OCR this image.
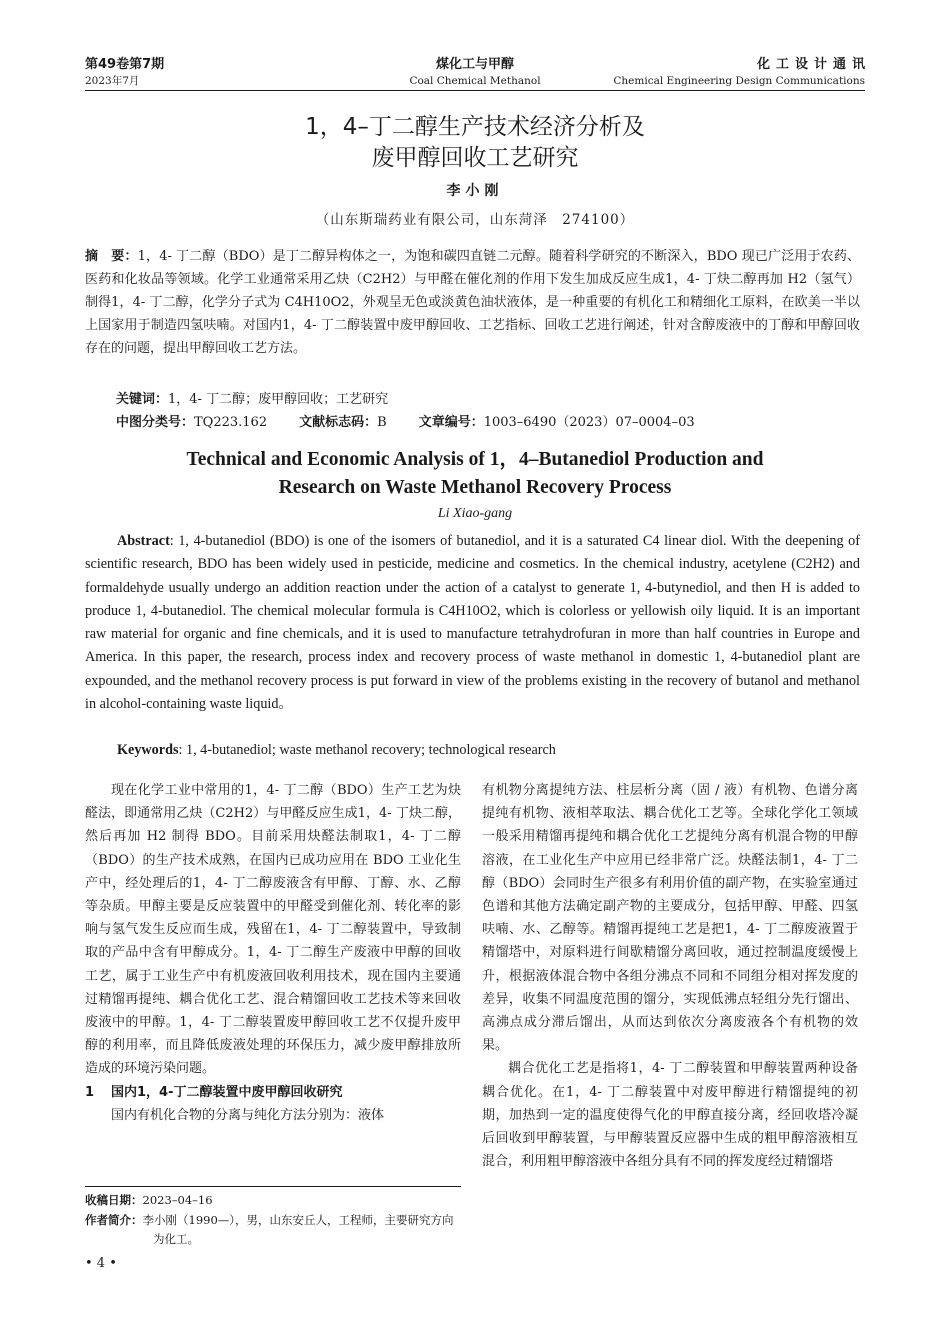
煤化工与甲醇
Coal Chemical Methanol
第49卷第7期
2023年7月
化工设计通讯
Chemical Engineering Design Communications
1，4–丁二醇生产技术经济分析及
废甲醇回收工艺研究
李小刚
（山东斯瑞药业有限公司，山东菏泽　274100）
摘　要：1，4- 丁二醇（BDO）是丁二醇异构体之一，为饱和碳四直链二元醇。随着科学研究的不断深入，BDO 现已广泛用于农药、医药和化妆品等领域。化学工业通常采用乙炔（C2H2）与甲醛在催化剂的作用下发生加成反应生成1，4- 丁炔二醇再加 H2（氢气）制得1，4- 丁二醇，化学分子式为 C4H10O2，外观呈无色或淡黄色油状液体，是一种重要的有机化工和精细化工原料，在欧美一半以上国家用于制造四氢呋喃。对国内1，4- 丁二醇装置中废甲醇回收、工艺指标、回收工艺进行阐述，针对含醇废液中的丁醇和甲醇回收存在的问题，提出甲醇回收工艺方法。
关键词：1，4- 丁二醇；废甲醇回收；工艺研究
中图分类号：TQ223.162 文献标志码：B 文章编号：1003–6490（2023）07–0004–03
Technical and Economic Analysis of 1，4–Butanediol Production and
Research on Waste Methanol Recovery Process
Li Xiao-gang

Abstract: 1, 4-butanediol (BDO) is one of the isomers of butanediol, and it is a saturated C4 linear diol. With the deepening of scientific research, BDO has been widely used in pesticide, medicine and cosmetics. In the chemical industry, acetylene (C2H2) and formaldehyde usually undergo an addition reaction under the action of a catalyst to generate 1, 4-butynediol, and then H is added to produce 1, 4-butanediol. The chemical molecular formula is C4H10O2, which is colorless or yellowish oily liquid. It is an important raw material for organic and fine chemicals, and it is used to manufacture tetrahydrofuran in more than half countries in Europe and America. In this paper, the research, process index and recovery process of waste methanol in domestic 1, 4-butanediol plant are expounded, and the methanol recovery process is put forward in view of the problems existing in the recovery of butanol and methanol in alcohol-containing waste liquid。

Keywords: 1, 4-butanediol; waste methanol recovery; technological research

现在化学工业中常用的1，4- 丁二醇（BDO）生产工艺为炔醛法，即通常用乙炔（C2H2）与甲醛反应生成1，4- 丁炔二醇，然后再加 H2 制得 BDO。目前采用炔醛法制取1，4- 丁二醇（BDO）的生产技术成熟，在国内已成功应用在 BDO 工业化生产中，经处理后的1，4- 丁二醇废液含有甲醇、丁醇、水、乙醇等杂质。甲醇主要是反应装置中的甲醛受到催化剂、转化率的影响与氢气发生反应而生成，残留在1，4- 丁二醇装置中，导致制取的产品中含有甲醇成分。1，4- 丁二醇生产废液中甲醇的回收工艺，属于工业生产中有机废液回收利用技术，现在国内主要通过精馏再提纯、耦合优化工艺、混合精馏回收工艺技术等来回收废液中的甲醇。1，4- 丁二醇装置废甲醇回收工艺不仅提升废甲醇的利用率，而且降低废液处理的环保压力，减少废甲醇排放所造成的环境污染问题。

1 国内1，4-丁二醇装置中废甲醇回收研究

国内有机化合物的分离与纯化方法分别为：液体

有机物分离提纯方法、柱层析分离（固 / 液）有机物、色谱分离提纯有机物、液相萃取法、耦合优化工艺等。全球化学化工领域一般采用精馏再提纯和耦合优化工艺提纯分离有机混合物的甲醇溶液，在工业化生产中应用已经非常广泛。炔醛法制1，4- 丁二醇（BDO）会同时生产很多有利用价值的副产物，在实验室通过色谱和其他方法确定副产物的主要成分，包括甲醇、甲醛、四氢呋喃、水、乙醇等。精馏再提纯工艺是把1，4- 丁二醇废液置于精馏塔中，对原料进行间歇精馏分离回收，通过控制温度缓慢上升，根据液体混合物中各组分沸点不同和不同组分相对挥发度的差异，收集不同温度范围的馏分，实现低沸点轻组分先行馏出、高沸点成分滞后馏出，从而达到依次分离废液各个有机物的效果。

耦合优化工艺是指将1，4- 丁二醇装置和甲醇装置两种设备耦合优化。在1，4- 丁二醇装置中对废甲醇进行精馏提纯的初期，加热到一定的温度使得气化的甲醇直接分离，经回收塔冷凝后回收到甲醇装置，与甲醇装置反应器中生成的粗甲醇溶液相互混合，利用粗甲醇溶液中各组分具有不同的挥发度经过精馏塔

收稿日期：2023–04–16
作者简介：李小刚（1990—），男，山东安丘人，工程师，主要研究方向为化工。
• 4 •
